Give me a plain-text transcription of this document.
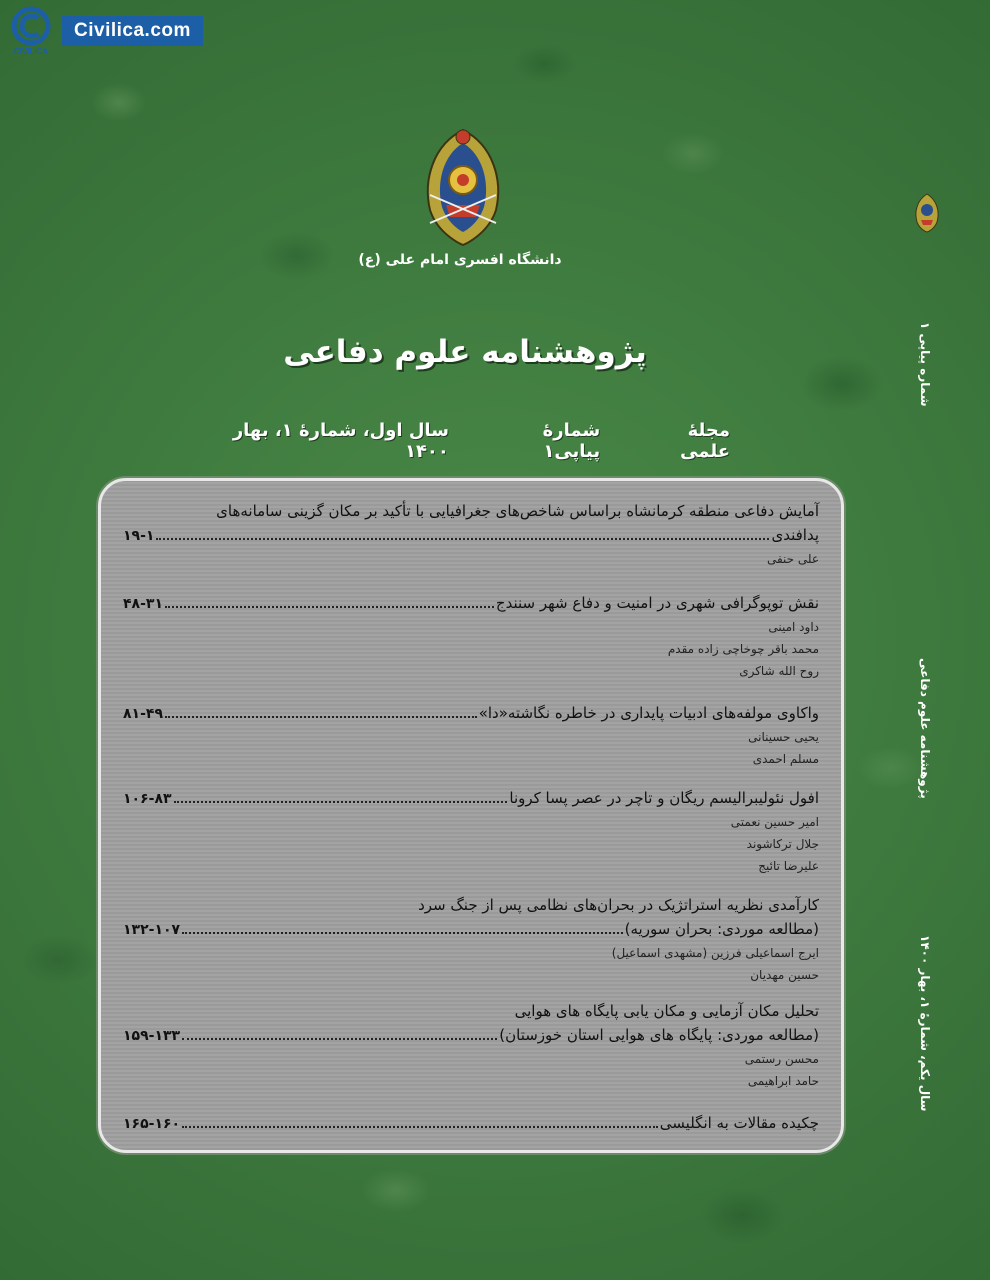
CIVILICA
Civilica.com
دانشگاه افسری امام علی (ع)
پژوهشنامه علوم دفاعی
مجلهٔ علمی
شمارهٔ پیاپی۱
سال اول، شمارهٔ ۱، بهار ۱۴۰۰
آمایش دفاعی منطقه کرمانشاه براساس شاخص‌های جغرافیایی با تأکید بر مکان گزینی سامانه‌های
پدافندی
۱۹-۱
علی حنفی
نقش توپوگرافی شهری در امنیت و دفاع شهر سنندج
۴۸-۳۱
داود امینی
محمد باقر چوخاچی زاده مقدم
روح الله شاکری
واکاوی مولفه‌های ادبیات پایداری در خاطره نگاشته«دا»
۸۱-۴۹
یحیی حسینانی
مسلم احمدی
افول نئولیبرالیسم ریگان و تاچر در عصر پسا کرونا
۱۰۶-۸۳
امیر حسین نعمتی
جلال ترکاشوند
علیرضا تائیج
کارآمدی نظریه استراتژیک در بحران‌های نظامی پس از جنگ سرد
(مطالعه موردی: بحران سوریه)
۱۳۲-۱۰۷
ایرج اسماعیلی فرزین (مشهدی اسماعیل)
حسین مهدیان
تحلیل مکان آزمایی و مکان یابی پایگاه های هوایی
(مطالعه موردی: پایگاه های هوایی استان خوزستان)
۱۵۹-۱۳۳
محسن رستمی
حامد ابراهیمی
چکیده مقالات به انگلیسی
۱۶۵-۱۶۰
شماره پیاپی ۱
پژوهشنامه علوم دفاعی
سال یکم، شمارهٔ ۱، بهار ۱۴۰۰
